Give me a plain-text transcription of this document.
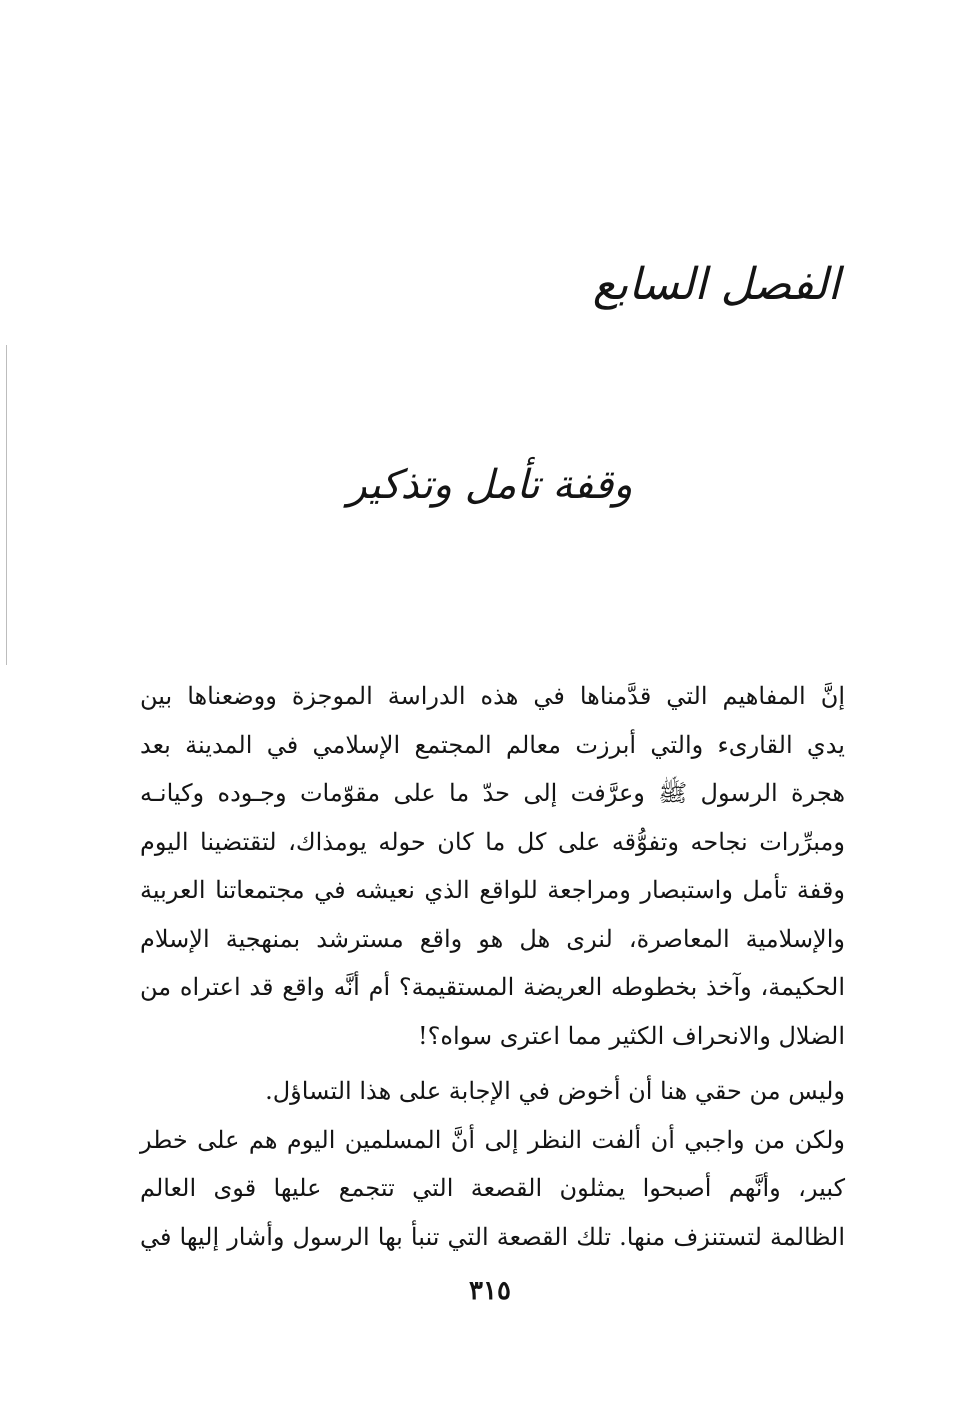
الفصل السابع
وقفة تأمل وتذكير

إنَّ المفاهيم التي قدَّمناها في هذه الدراسة الموجزة ووضعناها بين
يدي القارىء والتي أبرزت معالم المجتمع الإسلامي في المدينة بعد
هجرة الرسول ﷺ وعرَّفت إلى حدّ ما على مقوّمات وجـوده وكيانـه
ومبرِّرات نجاحه وتفوُّقه على كل ما كان حوله يومذاك، لتقتضينا اليوم
وقفة تأمل واستبصار ومراجعة للواقع الذي نعيشه في مجتمعاتنا العربية
والإسلامية المعاصرة، لنرى هل هو واقع مسترشد بمنهجية الإسلام
الحكيمة، وآخذ بخطوطه العريضة المستقيمة؟ أم أنَّه واقع قد اعتراه من
الضلال والانحراف الكثير مما اعترى سواه؟!

وليس من حقي هنا أن أخوض في الإجابة على هذا التساؤل.
ولكن من واجبي أن ألفت النظر إلى أنَّ المسلمين اليوم هم على خطر
كبير، وأنَّهم أصبحوا يمثلون القصعة التي تتجمع عليها قوى العالم
الظالمة لتستنزف منها. تلك القصعة التي تنبأ بها الرسول وأشار إليها في

٣١٥
